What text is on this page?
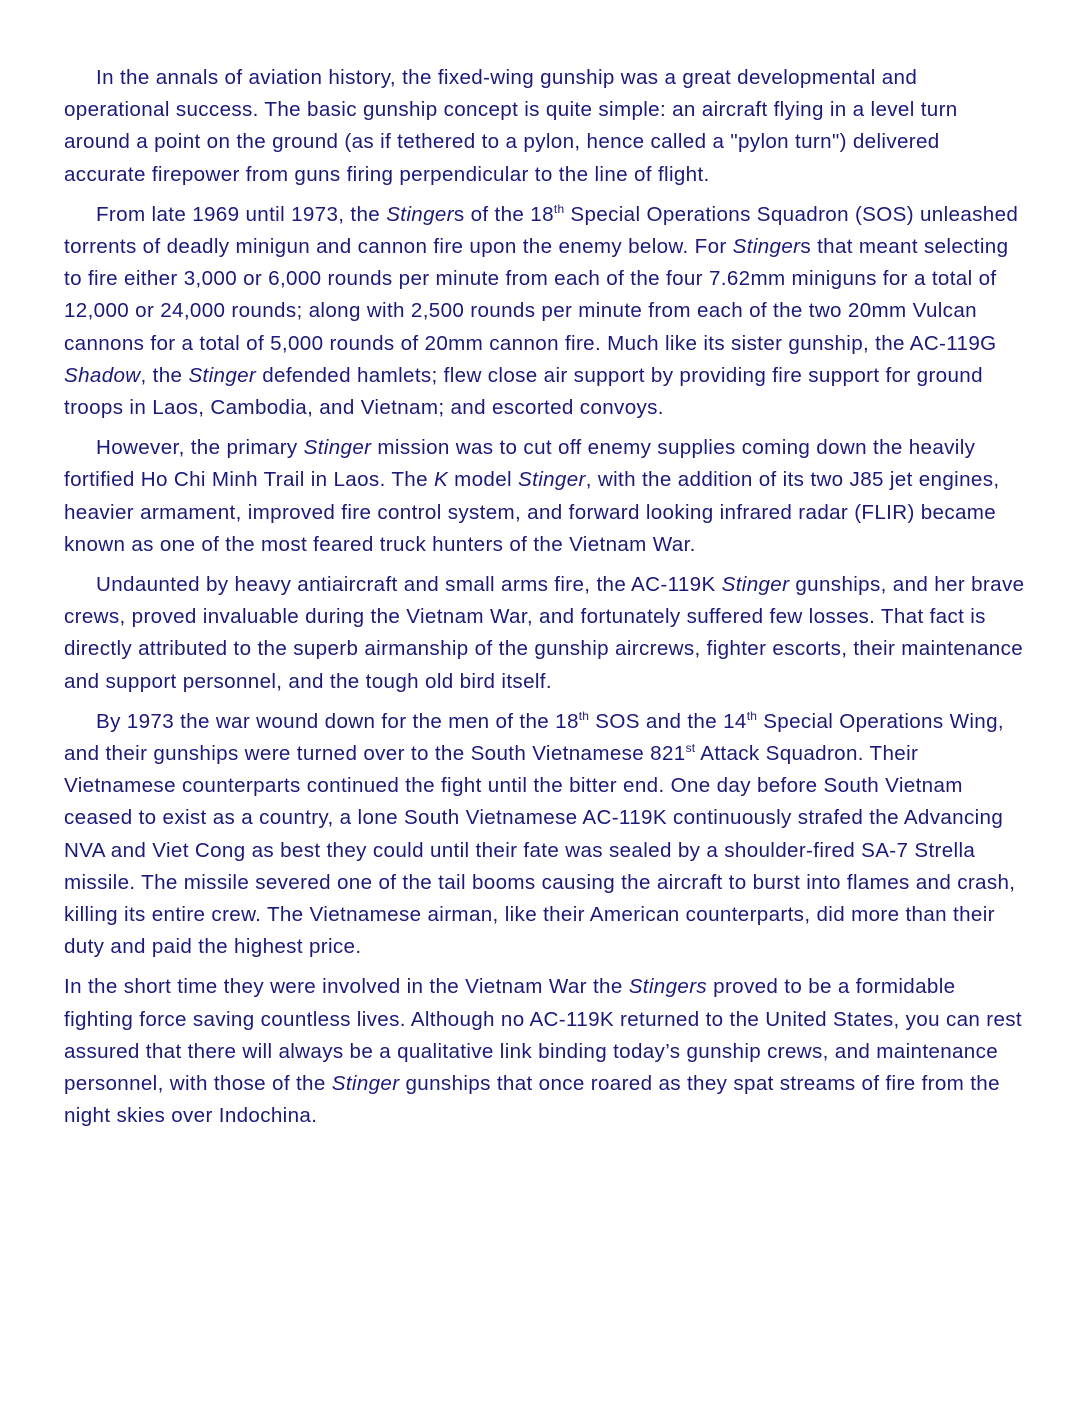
In the annals of aviation history, the fixed-wing gunship was a great developmental and operational success. The basic gunship concept is quite simple: an aircraft flying in a level turn around a point on the ground (as if tethered to a pylon, hence called a "pylon turn") delivered accurate firepower from guns firing perpendicular to the line of flight.

From late 1969 until 1973, the Stingers of the 18th Special Operations Squadron (SOS) unleashed torrents of deadly minigun and cannon fire upon the enemy below. For Stingers that meant selecting to fire either 3,000 or 6,000 rounds per minute from each of the four 7.62mm miniguns for a total of 12,000 or 24,000 rounds; along with 2,500 rounds per minute from each of the two 20mm Vulcan cannons for a total of 5,000 rounds of 20mm cannon fire. Much like its sister gunship, the AC-119G Shadow, the Stinger defended hamlets; flew close air support by providing fire support for ground troops in Laos, Cambodia, and Vietnam; and escorted convoys.

However, the primary Stinger mission was to cut off enemy supplies coming down the heavily fortified Ho Chi Minh Trail in Laos. The K model Stinger, with the addition of its two J85 jet engines, heavier armament, improved fire control system, and forward looking infrared radar (FLIR) became known as one of the most feared truck hunters of the Vietnam War.

Undaunted by heavy antiaircraft and small arms fire, the AC-119K Stinger gunships, and her brave crews, proved invaluable during the Vietnam War, and fortunately suffered few losses. That fact is directly attributed to the superb airmanship of the gunship aircrews, fighter escorts, their maintenance and support personnel, and the tough old bird itself.

By 1973 the war wound down for the men of the 18th SOS and the 14th Special Operations Wing, and their gunships were turned over to the South Vietnamese 821st Attack Squadron. Their Vietnamese counterparts continued the fight until the bitter end. One day before South Vietnam ceased to exist as a country, a lone South Vietnamese AC-119K continuously strafed the Advancing NVA and Viet Cong as best they could until their fate was sealed by a shoulder-fired SA-7 Strella missile. The missile severed one of the tail booms causing the aircraft to burst into flames and crash, killing its entire crew. The Vietnamese airman, like their American counterparts, did more than their duty and paid the highest price.

In the short time they were involved in the Vietnam War the Stingers proved to be a formidable fighting force saving countless lives. Although no AC-119K returned to the United States, you can rest assured that there will always be a qualitative link binding today’s gunship crews, and maintenance personnel, with those of the Stinger gunships that once roared as they spat streams of fire from the night skies over Indochina.
